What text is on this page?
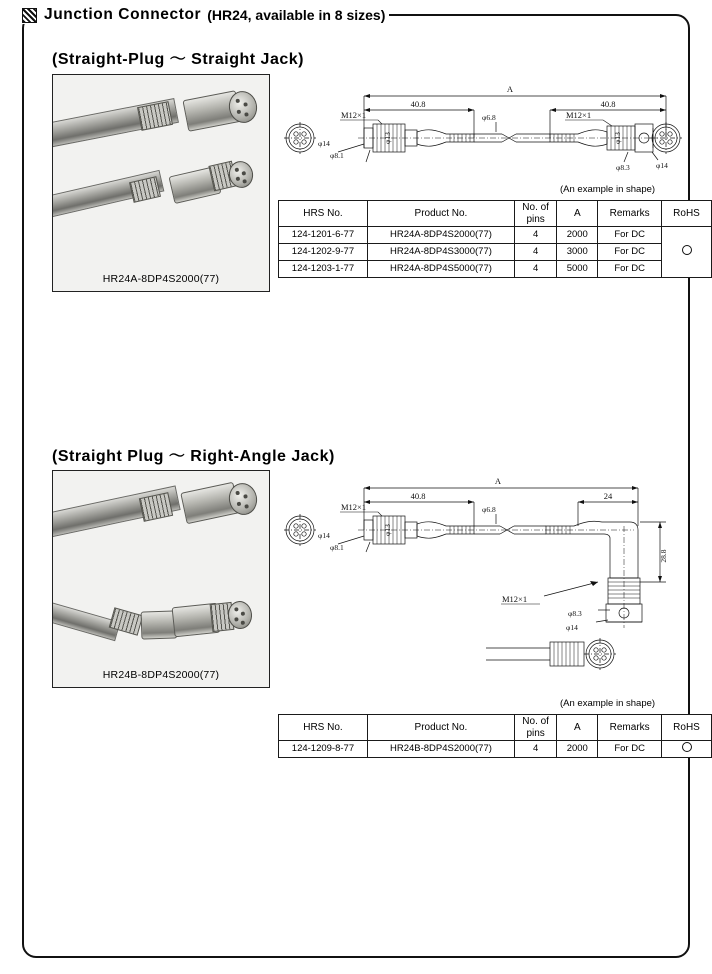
Junction Connector (HR24, available in 8 sizes)
(Straight-Plug 〜 Straight Jack)
HR24A-8DP4S2000(77)
A
40.8	40.8
M12×1	M12×1
φ6.8
φ8.1
φ14
φ8.3	φ14
φ13	φ13
(An example in shape)
HRS No.	Product No.	No. of
pins	A	Remarks	RoHS
124-1201-6-77	HR24A-8DP4S2000(77)	4	2000	For DC	
124-1202-9-77	HR24A-8DP4S3000(77)	4	3000	For DC	
124-1203-1-77	HR24A-8DP4S5000(77)	4	5000	For DC	
(Straight Plug 〜 Right-Angle Jack)
HR24B-8DP4S2000(77)
A
40.8	24
28.8
M12×1
M12×1
φ6.8
φ8.1
φ14
φ8.3
φ14
φ13
(An example in shape)
HRS No.	Product No.	No. of
pins	A	Remarks	RoHS
124-1209-8-77	HR24B-8DP4S2000(77)	4	2000	For DC	
